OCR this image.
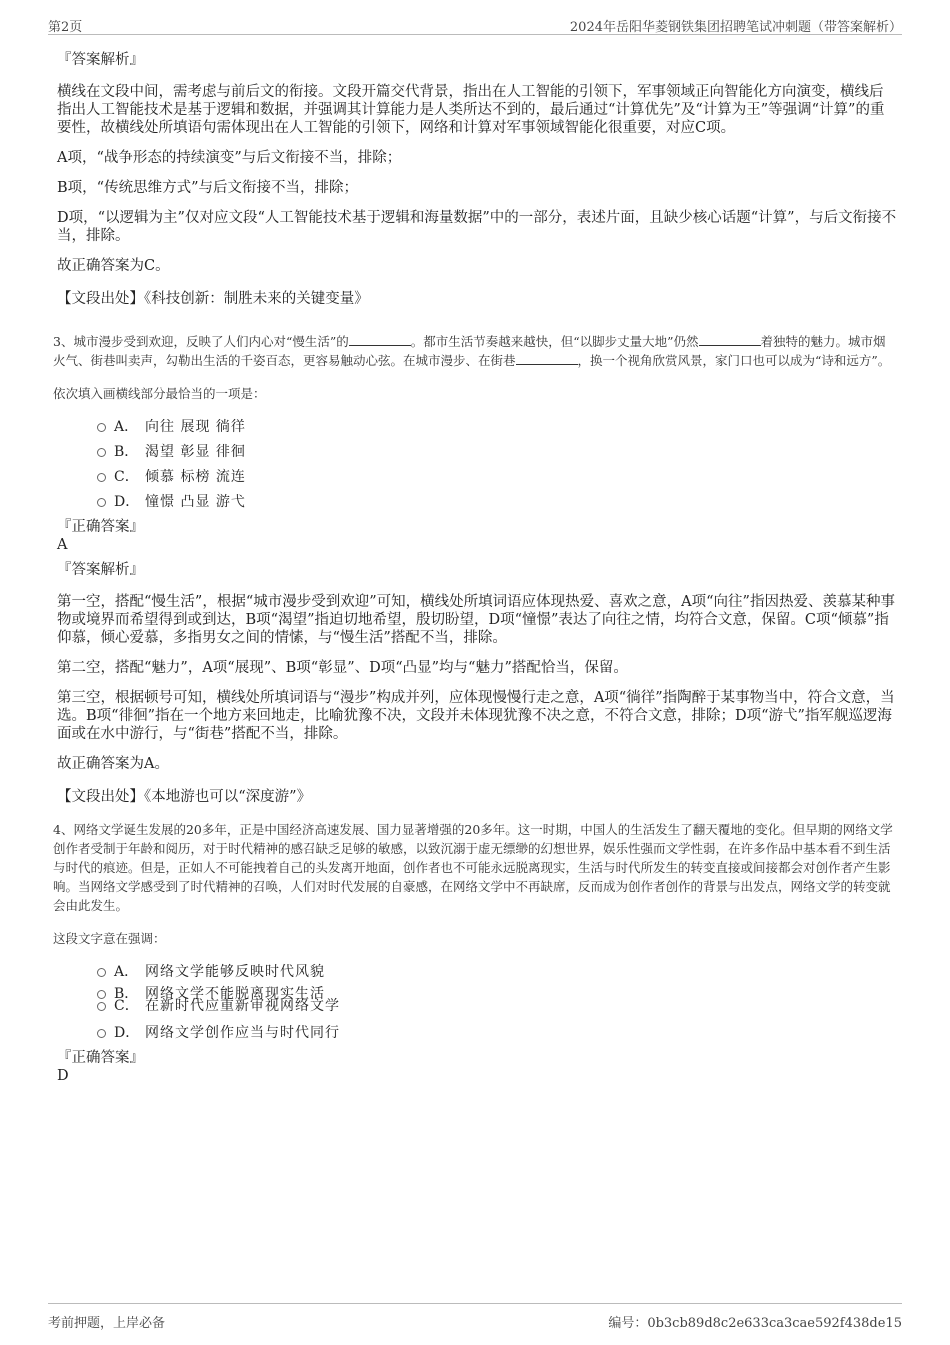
第2页	2024年岳阳华菱钢铁集团招聘笔试冲刺题（带答案解析）
『答案解析』

横线在文段中间，需考虑与前后文的衔接。文段开篇交代背景，指出在人工智能的引领下，军事领域正向智能化方向演变，横线后指出人工智能技术是基于逻辑和数据，并强调其计算能力是人类所达不到的，最后通过“计算优先”及“计算为王”等强调“计算”的重要性，故横线处所填语句需体现出在人工智能的引领下，网络和计算对军事领域智能化很重要，对应C项。

A项，“战争形态的持续演变”与后文衔接不当，排除；

B项，“传统思维方式”与后文衔接不当，排除；

D项，“以逻辑为主”仅对应文段“人工智能技术基于逻辑和海量数据”中的一部分，表述片面，且缺少核心话题“计算”，与后文衔接不当，排除。

故正确答案为C。

【文段出处】《科技创新：制胜未来的关键变量》

3、城市漫步受到欢迎，反映了人们内心对“慢生活”的	。都市生活节奏越来越快，但“以脚步丈量大地”仍然	着独特的魅力。城市烟火气、街巷叫卖声，勾勒出生活的千姿百态，更容易触动心弦。在城市漫步、在街巷	，换一个视角欣赏风景，家门口也可以成为“诗和远方”。

依次填入画横线部分最恰当的一项是：

A． 向往 展现 徜徉
B． 渴望 彰显 徘徊
C． 倾慕 标榜 流连
D． 憧憬 凸显 游弋

『正确答案』

A

『答案解析』

第一空，搭配“慢生活”，根据“城市漫步受到欢迎”可知，横线处所填词语应体现热爱、喜欢之意，A项“向往”指因热爱、羡慕某种事物或境界而希望得到或到达，B项“渴望”指迫切地希望，殷切盼望，D项“憧憬”表达了向往之情，均符合文意，保留。C项“倾慕”指仰慕，倾心爱慕，多指男女之间的情愫，与“慢生活”搭配不当，排除。

第二空，搭配“魅力”，A项“展现”、B项“彰显”、D项“凸显”均与“魅力”搭配恰当，保留。

第三空，根据顿号可知，横线处所填词语与“漫步”构成并列，应体现慢慢行走之意，A项“徜徉”指陶醉于某事物当中，符合文意，当选。B项“徘徊”指在一个地方来回地走，比喻犹豫不决，文段并未体现犹豫不决之意，不符合文意，排除；D项“游弋”指军舰巡逻海面或在水中游行，与“街巷”搭配不当，排除。

故正确答案为A。

【文段出处】《本地游也可以“深度游”》

4、网络文学诞生发展的20多年，正是中国经济高速发展、国力显著增强的20多年。这一时期，中国人的生活发生了翻天覆地的变化。但早期的网络文学创作者受制于年龄和阅历，对于时代精神的感召缺乏足够的敏感，以致沉溺于虚无缥缈的幻想世界，娱乐性强而文学性弱，在许多作品中基本看不到生活与时代的痕迹。但是，正如人不可能拽着自己的头发离开地面，创作者也不可能永远脱离现实，生活与时代所发生的转变直接或间接都会对创作者产生影响。当网络文学感受到了时代精神的召唤，人们对时代发展的自豪感，在网络文学中不再缺席，反而成为创作者创作的背景与出发点，网络文学的转变就会由此发生。

这段文字意在强调：

A． 网络文学能够反映时代风貌
B． 网络文学不能脱离现实生活
C． 在新时代应重新审视网络文学
D． 网络文学创作应当与时代同行

『正确答案』

D

考前押题，上岸必备	编号：0b3cb89d8c2e633ca3cae592f438de15
